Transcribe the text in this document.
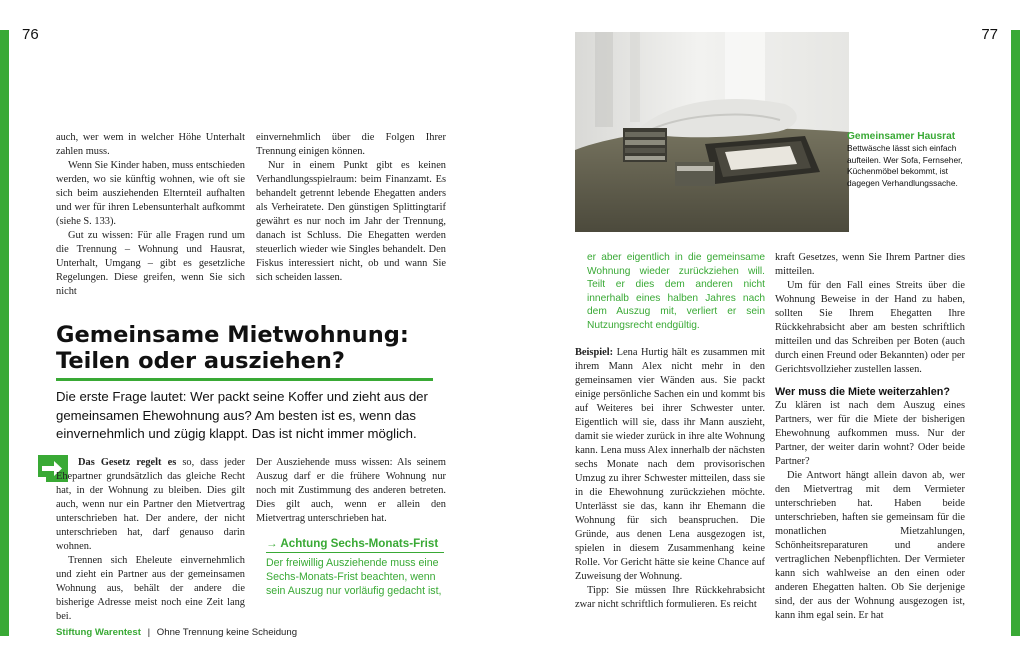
76	77

auch, wer wem in welcher Höhe Unterhalt zahlen muss.

Wenn Sie Kinder haben, muss entschieden werden, wo sie künftig wohnen, wie oft sie sich beim ausziehenden Elternteil aufhalten und wer für ihren Lebensunterhalt aufkommt (siehe S. 133).

Gut zu wissen: Für alle Fragen rund um die Trennung – Wohnung und Hausrat, Unterhalt, Umgang – gibt es gesetzliche Regelungen. Diese greifen, wenn Sie sich nicht

einvernehmlich über die Folgen Ihrer Trennung einigen können.

Nur in einem Punkt gibt es keinen Verhandlungsspielraum: beim Finanzamt. Es behandelt getrennt lebende Ehegatten anders als Verheiratete. Den günstigen Splittingtarif gewährt es nur noch im Jahr der Trennung, danach ist Schluss. Die Ehegatten werden steuerlich wieder wie Singles behandelt. Den Fiskus interessiert nicht, ob und wann Sie sich scheiden lassen.

Gemeinsame Mietwohnung: Teilen oder ausziehen?
Die erste Frage lautet: Wer packt seine Koffer und zieht aus der gemeinsamen Ehewohnung aus? Am besten ist es, wenn das einvernehmlich und zügig klappt. Das ist nicht immer möglich.

Das Gesetz regelt es so, dass jeder Ehepartner grundsätzlich das gleiche Recht hat, in der Wohnung zu bleiben. Dies gilt auch, wenn nur ein Partner den Mietvertrag unterschrieben hat. Der andere, der nicht unterschrieben hat, darf genauso darin wohnen.

Trennen sich Eheleute einvernehmlich und zieht ein Partner aus der gemeinsamen Wohnung aus, behält der andere die bisherige Adresse meist noch eine Zeit lang bei.

Der Ausziehende muss wissen: Als seinem Auszug darf er die frühere Wohnung nur noch mit Zustimmung des anderen betreten. Dies gilt auch, wenn er allein den Mietvertrag unterschrieben hat.

→ Achtung Sechs-Monats-Frist
Der freiwillig Ausziehende muss eine Sechs-Monats-Frist beachten, wenn sein Auszug nur vorläufig gedacht ist,
Stiftung Warentest | Ohne Trennung keine Scheidung
Gemeinsamer Hausrat
Bettwäsche lässt sich einfach aufteilen. Wer Sofa, Fernseher, Küchenmöbel bekommt, ist dagegen Verhandlungssache.

er aber eigentlich in die gemeinsame Wohnung wieder zurückziehen will. Teilt er dies dem anderen nicht innerhalb eines halben Jahres nach dem Auszug mit, verliert er sein Nutzungsrecht endgültig.

Beispiel: Lena Hurtig hält es zusammen mit ihrem Mann Alex nicht mehr in den gemeinsamen vier Wänden aus. Sie packt einige persönliche Sachen ein und kommt bis auf Weiteres bei ihrer Schwester unter. Eigentlich will sie, dass ihr Mann auszieht, damit sie wieder zurück in ihre alte Wohnung kann. Lena muss Alex innerhalb der nächsten sechs Monate nach dem provisorischen Umzug zu ihrer Schwester mitteilen, dass sie in die Ehewohnung zurückziehen möchte. Unterlässt sie das, kann ihr Ehemann die Wohnung für sich beanspruchen. Die Gründe, aus denen Lena ausgezogen ist, spielen in diesem Zusammenhang keine Rolle. Vor Gericht hätte sie keine Chance auf Zuweisung der Wohnung.

Tipp: Sie müssen Ihre Rückkehrabsicht zwar nicht schriftlich formulieren. Es reicht

kraft Gesetzes, wenn Sie Ihrem Partner dies mitteilen.

Um für den Fall eines Streits über die Wohnung Beweise in der Hand zu haben, sollten Sie Ihrem Ehegatten Ihre Rückkehrabsicht aber am besten schriftlich mitteilen und das Schreiben per Boten (auch durch einen Freund oder Bekannten) oder per Gerichtsvollzieher zustellen lassen.

Wer muss die Miete weiterzahlen?

Zu klären ist nach dem Auszug eines Partners, wer für die Miete der bisherigen Ehewohnung aufkommen muss. Nur der Partner, der weiter darin wohnt? Oder beide Partner?

Die Antwort hängt allein davon ab, wer den Mietvertrag mit dem Vermieter unterschrieben hat. Haben beide unterschrieben, haften sie gemeinsam für die monatlichen Mietzahlungen, Schönheitsreparaturen und andere vertraglichen Nebenpflichten. Der Vermieter kann sich wahlweise an den einen oder anderen Ehegatten halten. Ob Sie derjenige sind, der aus der Wohnung ausgezogen ist, kann ihm egal sein. Er hat
